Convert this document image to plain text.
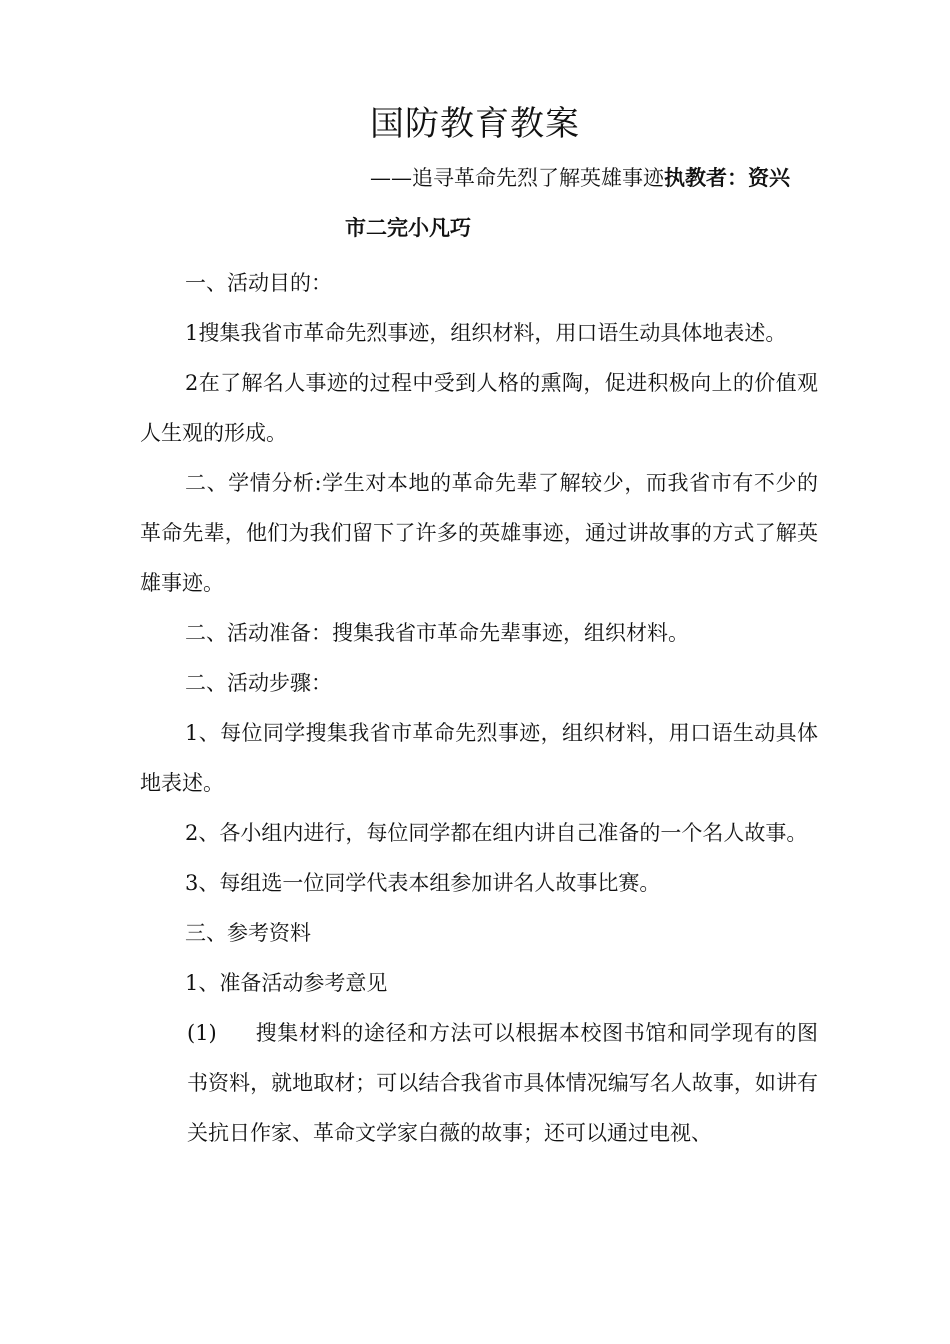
国防教育教案
——追寻革命先烈了解英雄事迹执教者：资兴
市二完小凡巧

一、活动目的：

1搜集我省市革命先烈事迹，组织材料，用口语生动具体地表述。

2在了解名人事迹的过程中受到人格的熏陶，促进积极向上的价值观人生观的形成。

二、学情分析:学生对本地的革命先辈了解较少，而我省市有不少的革命先辈，他们为我们留下了许多的英雄事迹，通过讲故事的方式了解英雄事迹。

二、活动准备：搜集我省市革命先辈事迹，组织材料。

二、活动步骤：

1、每位同学搜集我省市革命先烈事迹，组织材料，用口语生动具体地表述。

2、各小组内进行，每位同学都在组内讲自己准备的一个名人故事。

3、每组选一位同学代表本组参加讲名人故事比赛。

三、参考资料

1、准备活动参考意见

(1) 搜集材料的途径和方法可以根据本校图书馆和同学现有的图书资料，就地取材；可以结合我省市具体情况编写名人故事，如讲有关抗日作家、革命文学家白薇的故事；还可以通过电视、
